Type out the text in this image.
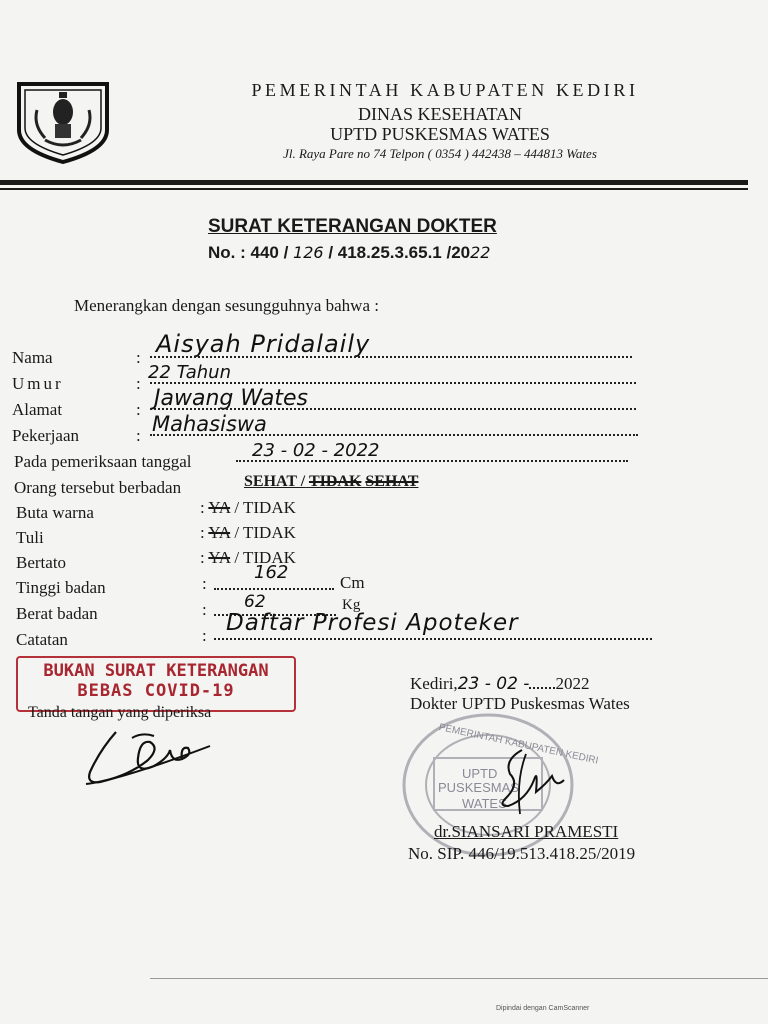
PEMERINTAH KABUPATEN KEDIRI
DINAS KESEHATAN
UPTD PUSKESMAS WATES
Jl. Raya Pare no 74 Telpon ( 0354 ) 442438 – 444813 Wates
SURAT KETERANGAN DOKTER
No. : 440 / 126 / 418.25.3.65.1 /2022
Menerangkan dengan sesungguhnya bahwa :
Nama	: Aisyah Pridalaily
Umur	:
22 Tahun
Alamat	: Jawang Wates
Pekerjaan	: Mahasiswa
Pada pemeriksaan tanggal
23 - 02 - 2022
Orang tersebut berbadan	SEHAT / TIDAK SEHAT
Buta warna	: YA / TIDAK
Tuli	: YA / TIDAK
Bertato	: YA / TIDAK
Tinggi badan	:
162	Cm
Berat badan	: 62	Kg
Catatan	: Daftar Profesi Apoteker
BUKAN SURAT KETERANGAN
BEBAS COVID-19
Tanda tangan yang diperiksa
Kediri,23 - 02 - 2022
Dokter UPTD Puskesmas Wates
UPTD
PUSKESMAS
WATES
PEMERINTAH KABUPATEN KEDIRI
dr.SIANSARI PRAMESTI
No. SIP. 446/19.513.418.25/2019
Dipindai dengan CamScanner
